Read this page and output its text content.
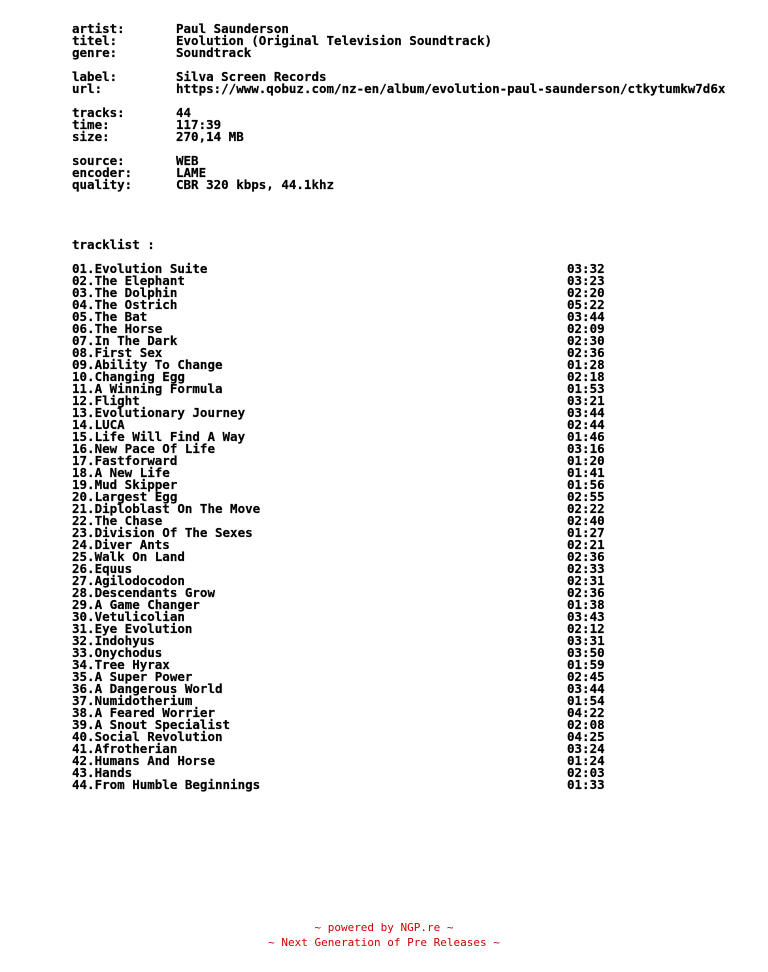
artist:	Paul Saunderson
titel:	Evolution (Original Television Soundtrack)
genre:	Soundtrack
label:	Silva Screen Records
url:	https://www.qobuz.com/nz-en/album/evolution-paul-saunderson/ctkytumkw7d6x
tracks:	44
time:	117:39
size:	270,14 MB
source:	WEB
encoder:	LAME
quality:	CBR 320 kbps, 44.1khz
tracklist :
01.Evolution Suite	03:32
02.The Elephant	03:23
03.The Dolphin	02:20
04.The Ostrich	05:22
05.The Bat	03:44
06.The Horse	02:09
07.In The Dark	02:30
08.First Sex	02:36
09.Ability To Change	01:28
10.Changing Egg	02:18
11.A Winning Formula	01:53
12.Flight	03:21
13.Evolutionary Journey	03:44
14.LUCA	02:44
15.Life Will Find A Way	01:46
16.New Pace Of Life	03:16
17.Fastforward	01:20
18.A New Life	01:41
19.Mud Skipper	01:56
20.Largest Egg	02:55
21.Diploblast On The Move	02:22
22.The Chase	02:40
23.Division Of The Sexes	01:27
24.Diver Ants	02:21
25.Walk On Land	02:36
26.Equus	02:33
27.Agilodocodon	02:31
28.Descendants Grow	02:36
29.A Game Changer	01:38
30.Vetulicolian	03:43
31.Eye Evolution	02:12
32.Indohyus	03:31
33.Onychodus	03:50
34.Tree Hyrax	01:59
35.A Super Power	02:45
36.A Dangerous World	03:44
37.Numidotherium	01:54
38.A Feared Worrier	04:22
39.A Snout Specialist	02:08
40.Social Revolution	04:25
41.Afrotherian	03:24
42.Humans And Horse	01:24
43.Hands	02:03
44.From Humble Beginnings	01:33
~ powered by NGP.re ~
~ Next Generation of Pre Releases ~
